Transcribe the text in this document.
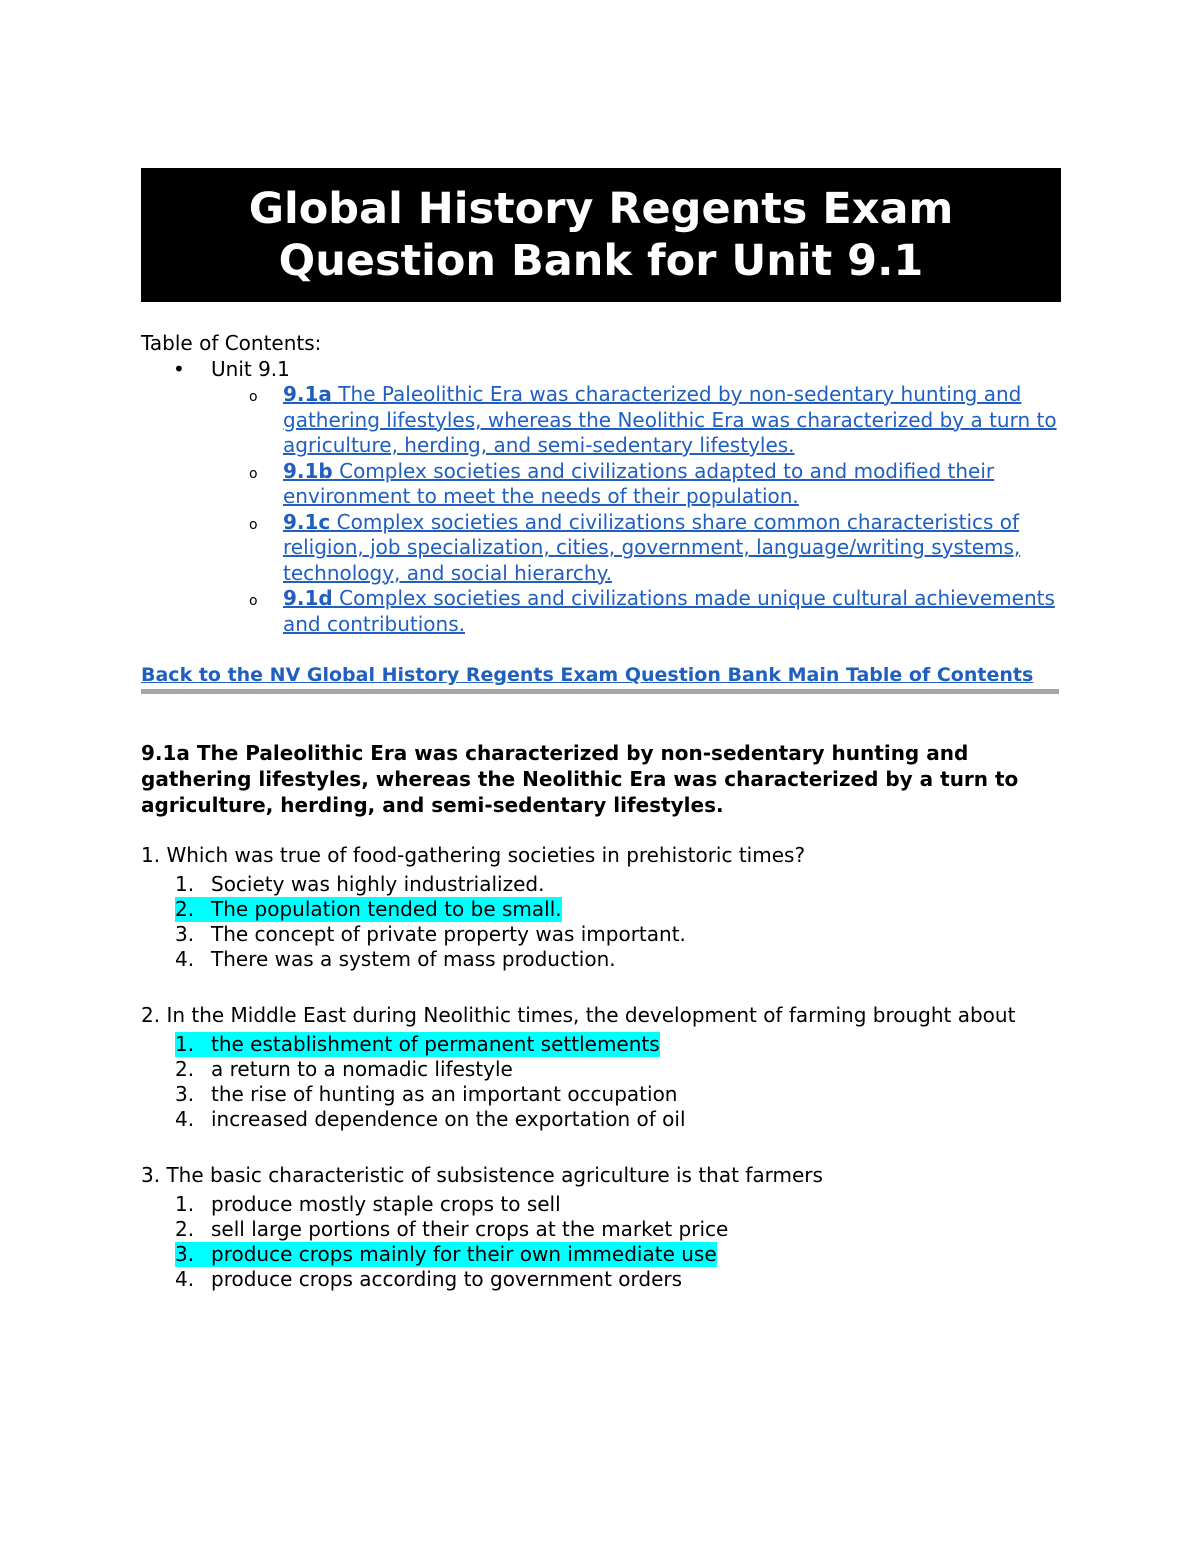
Global History Regents Exam
Question Bank for Unit 9.1
Table of Contents:
•	Unit 9.1
o	9.1a The Paleolithic Era was characterized by non-sedentary hunting and gathering lifestyles, whereas the Neolithic Era was characterized by a turn to agriculture, herding, and semi-sedentary lifestyles.
o	9.1b Complex societies and civilizations adapted to and modified their environment to meet the needs of their population.
o	9.1c Complex societies and civilizations share common characteristics of religion, job specialization, cities, government, language/writing systems, technology, and social hierarchy.
o	9.1d Complex societies and civilizations made unique cultural achievements and contributions.
Back to the NV Global History Regents Exam Question Bank Main Table of Contents
9.1a The Paleolithic Era was characterized by non-sedentary hunting and gathering lifestyles, whereas the Neolithic Era was characterized by a turn to agriculture, herding, and semi-sedentary lifestyles.
1. Which was true of food-gathering societies in prehistoric times?
1. Society was highly industrialized.
2. The population tended to be small.
3. The concept of private property was important.
4. There was a system of mass production.
2. In the Middle East during Neolithic times, the development of farming brought about
1. the establishment of permanent settlements
2. a return to a nomadic lifestyle
3. the rise of hunting as an important occupation
4. increased dependence on the exportation of oil
3. The basic characteristic of subsistence agriculture is that farmers
1. produce mostly staple crops to sell
2. sell large portions of their crops at the market price
3. produce crops mainly for their own immediate use
4. produce crops according to government orders
